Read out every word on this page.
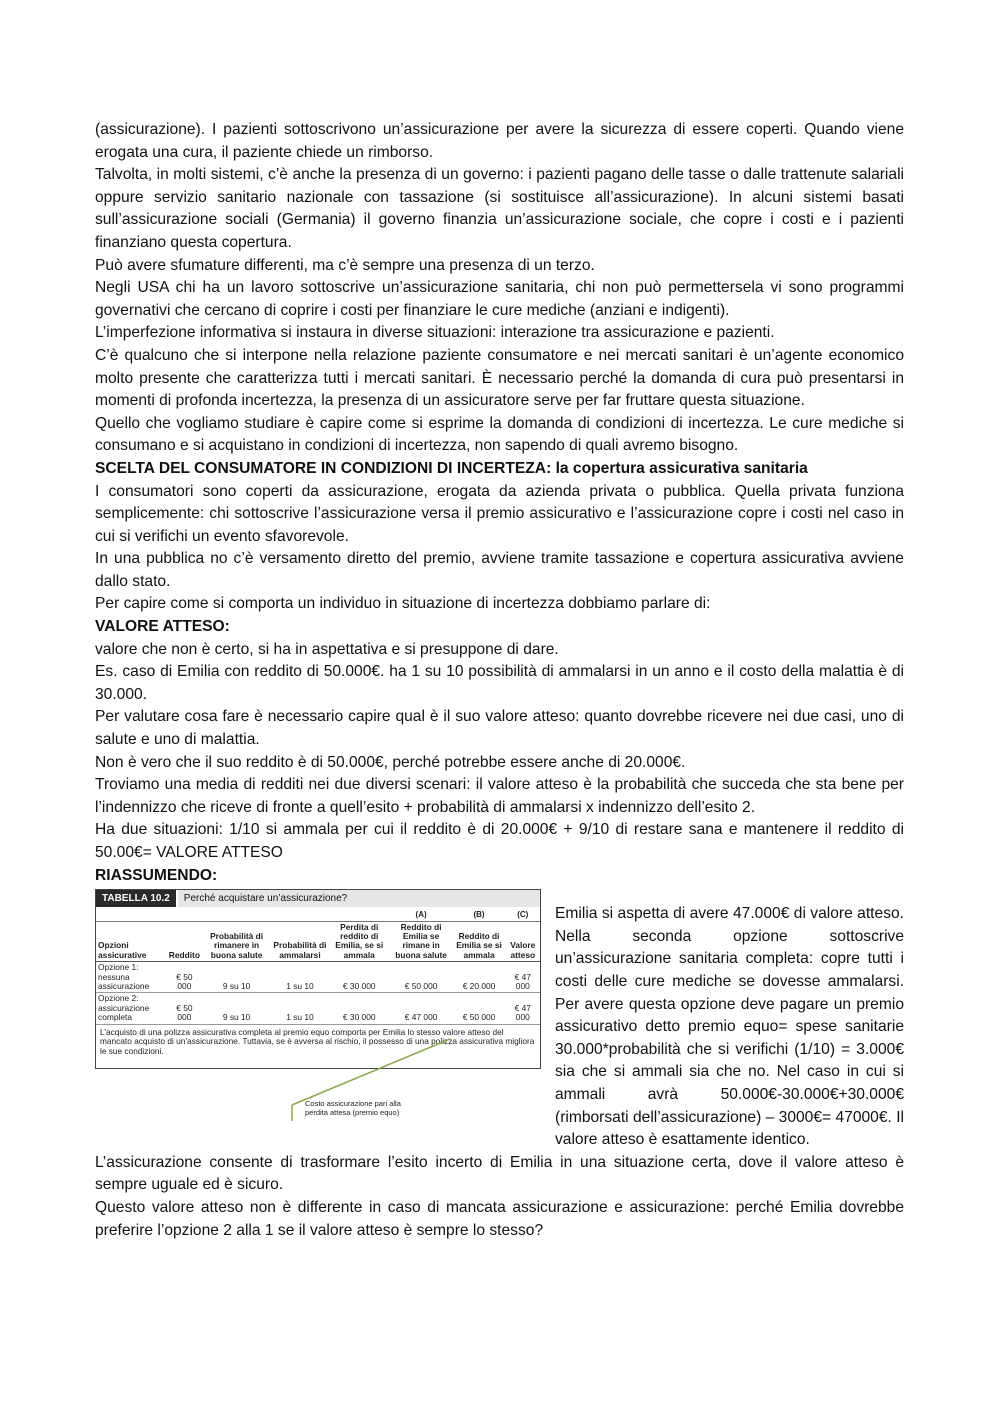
(assicurazione). I pazienti sottoscrivono un’assicurazione per avere la sicurezza di essere coperti. Quando viene erogata una cura, il paziente chiede un rimborso.

Talvolta, in molti sistemi, c’è anche la presenza di un governo: i pazienti pagano delle tasse o dalle trattenute salariali oppure servizio sanitario nazionale con tassazione (si sostituisce all’assicurazione). In alcuni sistemi basati sull’assicurazione sociali (Germania) il governo finanzia un’assicurazione sociale, che copre i costi e i pazienti finanziano questa copertura.

Può avere sfumature differenti, ma c’è sempre una presenza di un terzo.

Negli USA chi ha un lavoro sottoscrive un’assicurazione sanitaria, chi non può permettersela vi sono programmi governativi che cercano di coprire i costi per finanziare le cure mediche (anziani e indigenti).

L’imperfezione informativa si instaura in diverse situazioni: interazione tra assicurazione e pazienti.

C’è qualcuno che si interpone nella relazione paziente consumatore e nei mercati sanitari è un’agente economico molto presente che caratterizza tutti i mercati sanitari. È necessario perché la domanda di cura può presentarsi in momenti di profonda incertezza, la presenza di un assicuratore serve per far fruttare questa situazione.

Quello che vogliamo studiare è capire come si esprime la domanda di condizioni di incertezza. Le cure mediche si consumano e si acquistano in condizioni di incertezza, non sapendo di quali avremo bisogno.

SCELTA DEL CONSUMATORE IN CONDIZIONI DI INCERTEZA: la copertura assicurativa sanitaria

I consumatori sono coperti da assicurazione, erogata da azienda privata o pubblica. Quella privata funziona semplicemente: chi sottoscrive l’assicurazione versa il premio assicurativo e l’assicurazione copre i costi nel caso in cui si verifichi un evento sfavorevole.

In una pubblica no c’è versamento diretto del premio, avviene tramite tassazione e copertura assicurativa avviene dallo stato.

Per capire come si comporta un individuo in situazione di incertezza dobbiamo parlare di:

VALORE ATTESO:

valore che non è certo, si ha in aspettativa e si presuppone di dare.

Es. caso di Emilia con reddito di 50.000€. ha 1 su 10 possibilità di ammalarsi in un anno e il costo della malattia è di 30.000.

Per valutare cosa fare è necessario capire qual è il suo valore atteso: quanto dovrebbe ricevere nei due casi, uno di salute e uno di malattia.

Non è vero che il suo reddito è di 50.000€, perché potrebbe essere anche di 20.000€.

Troviamo una media di redditi nei due diversi scenari: il valore atteso è la probabilità che succeda che sta bene per l’indennizzo che riceve di fronte a quell’esito + probabilità di ammalarsi x indennizzo dell’esito 2.

Ha due situazioni: 1/10 si ammala per cui il reddito è di 20.000€ + 9/10 di restare sana e mantenere il reddito di 50.00€= VALORE ATTESO

RIASSUMENDO:

TABELLA 10.2	Perché acquistare un’assicurazione?
					(A)	(B)	(C)
Opzioni assicurative	Reddito	Probabilità di rimanere in buona salute	Probabilità di ammalarsi	Perdita di reddito di Emilia, se si ammala	Reddito di Emilia se rimane in buona salute	Reddito di Emilia se si ammala	Valore atteso
Opzione 1: nessuna assicurazione	€ 50 000	9 su 10	1 su 10	€ 30 000	€ 50 000	€ 20 000	€ 47 000
Opzione 2: assicurazione completa	€ 50 000	9 su 10	1 su 10	€ 30 000	€ 47 000	€ 50 000	€ 47 000
L’acquisto di una polizza assicurativa completa al premio equo comporta per Emilia lo stesso valore atteso del mancato acquisto di un’assicurazione. Tuttavia, se è avversa al rischio, il possesso di una polizza assicurativa migliora le sue condizioni.
Costo assicurazione pari alla perdita attesa (premio equo)

Emilia si aspetta di avere 47.000€ di valore atteso. Nella seconda opzione sottoscrive un’assicurazione sanitaria completa: copre tutti i costi delle cure mediche se dovesse ammalarsi. Per avere questa opzione deve pagare un premio assicurativo detto premio equo= spese sanitarie 30.000*probabilità che si verifichi (1/10) = 3.000€ sia che si ammali sia che no. Nel caso in cui si ammali avrà 50.000€-30.000€+30.000€ (rimborsati dell’assicurazione) – 3000€= 47000€. Il valore atteso è esattamente identico.

L’assicurazione consente di trasformare l’esito incerto di Emilia in una situazione certa, dove il valore atteso è sempre uguale ed è sicuro.

Questo valore atteso non è differente in caso di mancata assicurazione e assicurazione: perché Emilia dovrebbe preferire l’opzione 2 alla 1 se il valore atteso è sempre lo stesso?
